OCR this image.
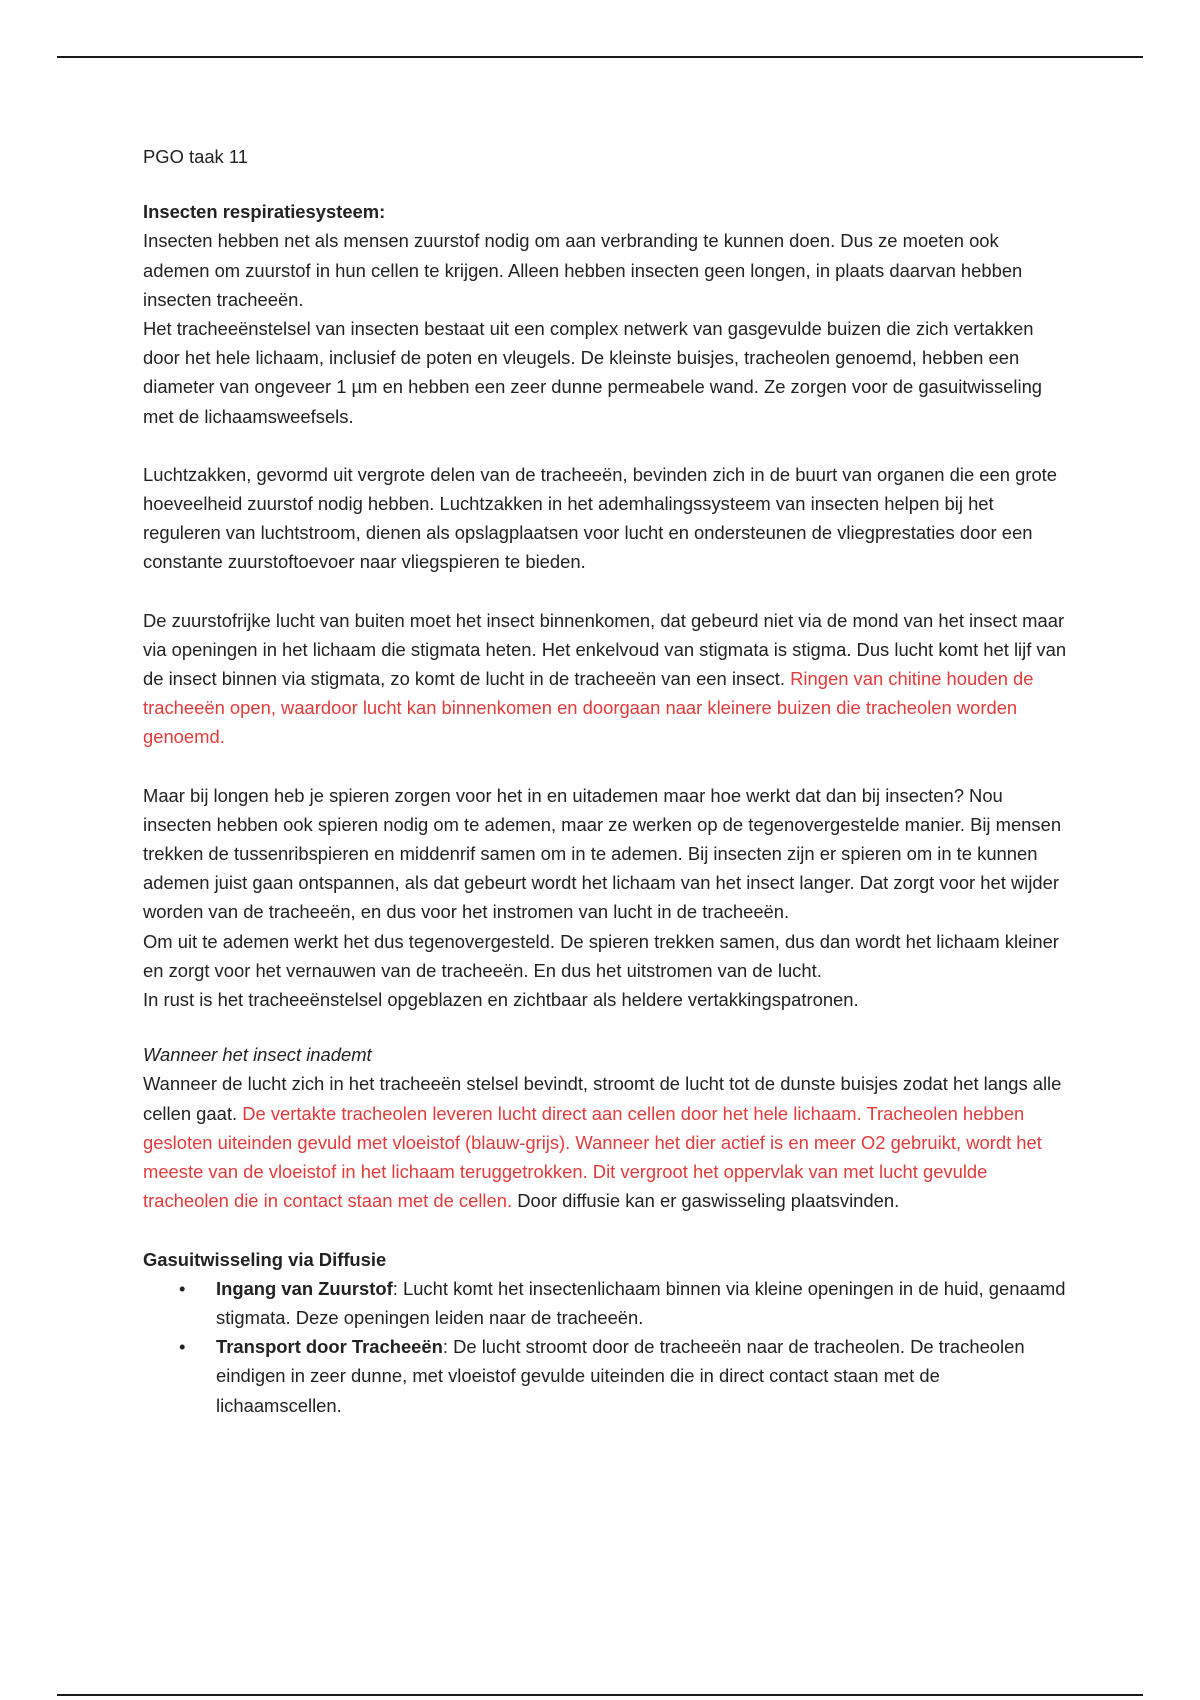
PGO taak 11

Insecten respiratiesysteem:

Insecten hebben net als mensen zuurstof nodig om aan verbranding te kunnen doen. Dus ze moeten ook ademen om zuurstof in hun cellen te krijgen. Alleen hebben insecten geen longen, in plaats daarvan hebben insecten tracheeën.

Het tracheeënstelsel van insecten bestaat uit een complex netwerk van gasgevulde buizen die zich vertakken door het hele lichaam, inclusief de poten en vleugels. De kleinste buisjes, tracheolen genoemd, hebben een diameter van ongeveer 1 µm en hebben een zeer dunne permeabele wand. Ze zorgen voor de gasuitwisseling met de lichaamsweefsels.

Luchtzakken, gevormd uit vergrote delen van de tracheeën, bevinden zich in de buurt van organen die een grote hoeveelheid zuurstof nodig hebben. Luchtzakken in het ademhalingssysteem van insecten helpen bij het reguleren van luchtstroom, dienen als opslagplaatsen voor lucht en ondersteunen de vliegprestaties door een constante zuurstoftoevoer naar vliegspieren te bieden.

De zuurstofrijke lucht van buiten moet het insect binnenkomen, dat gebeurd niet via de mond van het insect maar via openingen in het lichaam die stigmata heten. Het enkelvoud van stigmata is stigma. Dus lucht komt het lijf van de insect binnen via stigmata, zo komt de lucht in de tracheeën van een insect. Ringen van chitine houden de tracheeën open, waardoor lucht kan binnenkomen en doorgaan naar kleinere buizen die tracheolen worden genoemd.

Maar bij longen heb je spieren zorgen voor het in en uitademen maar hoe werkt dat dan bij insecten? Nou insecten hebben ook spieren nodig om te ademen, maar ze werken op de tegenovergestelde manier. Bij mensen trekken de tussenribspieren en middenrif samen om in te ademen. Bij insecten zijn er spieren om in te kunnen ademen juist gaan ontspannen, als dat gebeurt wordt het lichaam van het insect langer. Dat zorgt voor het wijder worden van de tracheeën, en dus voor het instromen van lucht in de tracheeën.

Om uit te ademen werkt het dus tegenovergesteld. De spieren trekken samen, dus dan wordt het lichaam kleiner en zorgt voor het vernauwen van de tracheeën. En dus het uitstromen van de lucht.

In rust is het tracheeënstelsel opgeblazen en zichtbaar als heldere vertakkingspatronen.

Wanneer het insect inademt

Wanneer de lucht zich in het tracheeën stelsel bevindt, stroomt de lucht tot de dunste buisjes zodat het langs alle cellen gaat. De vertakte tracheolen leveren lucht direct aan cellen door het hele lichaam. Tracheolen hebben gesloten uiteinden gevuld met vloeistof (blauw-grijs). Wanneer het dier actief is en meer O2 gebruikt, wordt het meeste van de vloeistof in het lichaam teruggetrokken. Dit vergroot het oppervlak van met lucht gevulde tracheolen die in contact staan met de cellen. Door diffusie kan er gaswisseling plaatsvinden.

Gasuitwisseling via Diffusie

• Ingang van Zuurstof: Lucht komt het insectenlichaam binnen via kleine openingen in de huid, genaamd stigmata. Deze openingen leiden naar de tracheeën.
• Transport door Tracheeën: De lucht stroomt door de tracheeën naar de tracheolen. De tracheolen eindigen in zeer dunne, met vloeistof gevulde uiteinden die in direct contact staan met de lichaamscellen.
